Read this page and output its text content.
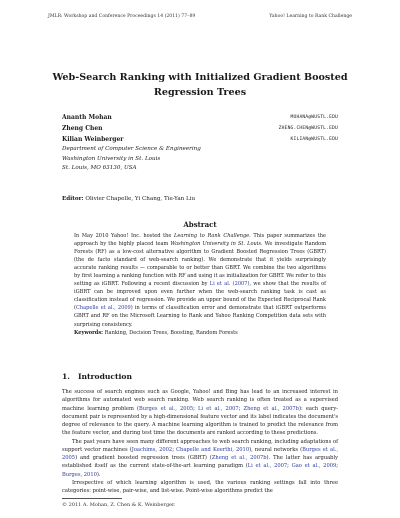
JMLR: Workshop and Conference Proceedings 14 (2011) 77–89	Yahoo! Learning to Rank Challenge
Web-Search Ranking with Initialized Gradient Boosted Regression Trees
Ananth Mohan	MOHANA@WUSTL.EDU
Zheng Chen	ZHENG.CHEN@WUSTL.EDU
Kilian Weinberger	KILIAN@WUSTL.EDU
Department of Computer Science & Engineering
Washington University in St. Louis
St. Louis, MO 63130, USA
Editor: Olivier Chapelle, Yi Chang, Tie-Yan Liu
Abstract
In May 2010 Yahoo! Inc. hosted the Learning to Rank Challenge. This paper summarizes the approach by the highly placed team Washington University in St. Louis. We investigate Random Forests (RF) as a low-cost alternative algorithm to Gradient Boosted Regression Trees (GBRT) (the de facto standard of web-search ranking). We demonstrate that it yields surprisingly accurate ranking results — comparable to or better than GBRT. We combine the two algorithms by first learning a ranking function with RF and using it as initialization for GBRT. We refer to this setting as iGBRT. Following a recent discussion by Li et al. (2007), we show that the results of iGBRT can be improved upon even further when the web-search ranking task is cast as classification instead of regression. We provide an upper bound of the Expected Reciprocal Rank (Chapelle et al., 2009) in terms of classification error and demonstrate that iGBRT outperforms GBRT and RF on the Microsoft Learning to Rank and Yahoo Ranking Competition data sets with surprising consistency.
Keywords: Ranking, Decision Trees, Boosting, Random Forests
1. Introduction

The success of search engines such as Google, Yahoo! and Bing has lead to an increased interest in algorithms for automated web search ranking. Web search ranking is often treated as a supervised machine learning problem (Burges et al., 2005; Li et al., 2007; Zheng et al., 2007b): each query-document pair is represented by a high-dimensional feature vector and its label indicates the document's degree of relevance to the query. A machine learning algorithm is trained to predict the relevance from the feature vector, and during test time the documents are ranked according to these predictions.

The past years have seen many different approaches to web search ranking, including adaptations of support vector machines (Joachims, 2002; Chapelle and Keerthi, 2010), neural networks (Burges et al., 2005) and gradient boosted regression trees (GBRT) (Zheng et al., 2007b). The latter has arguably established itself as the current state-of-the-art learning paradigm (Li et al., 2007; Gao et al., 2009; Burges, 2010).

Irrespective of which learning algorithm is used, the various ranking settings fall into three categories: point-wise, pair-wise, and list-wise. Point-wise algorithms predict the

© 2011 A. Mohan, Z. Chen & K. Weinberger.
